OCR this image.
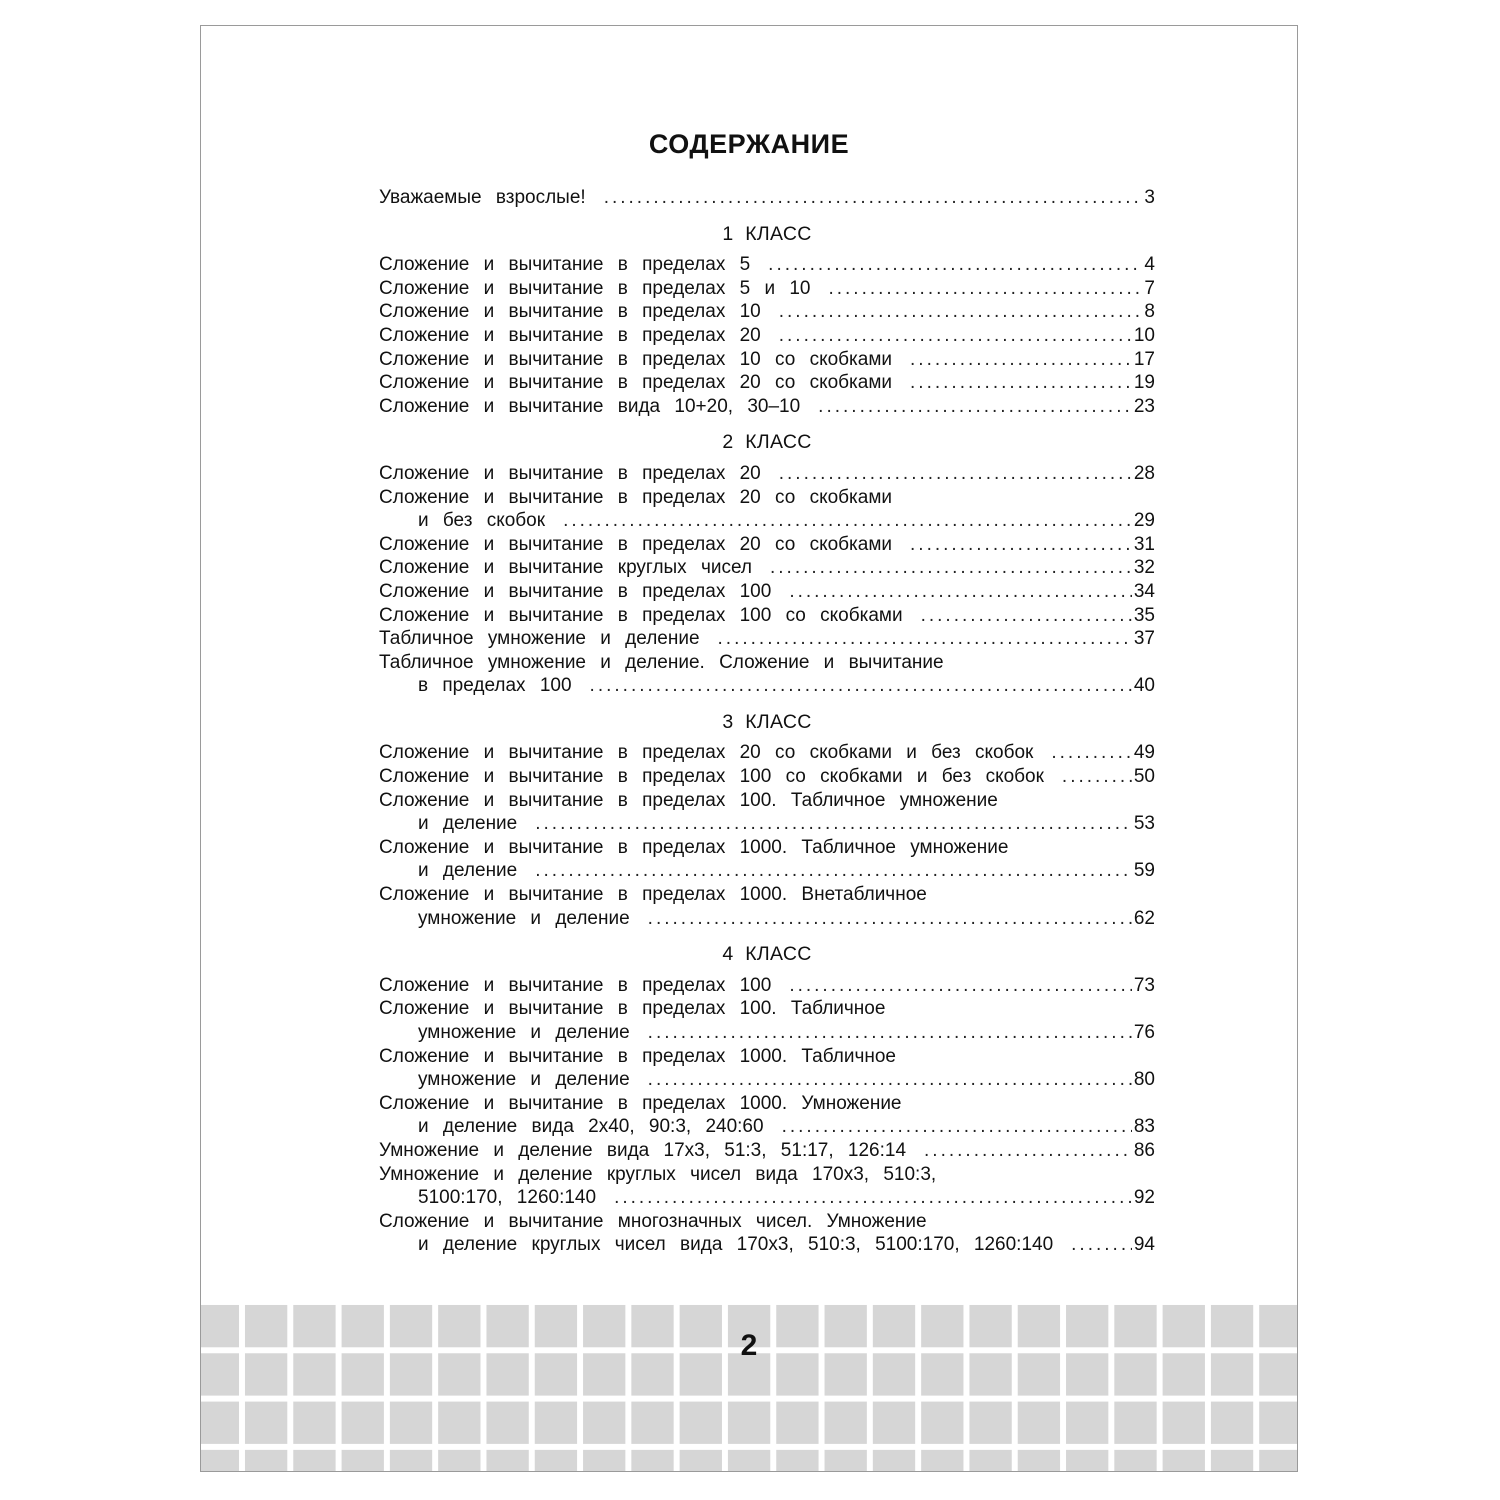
СОДЕРЖАНИЕ
Уважаемые взрослые! .....	3
1 КЛАСС
Сложение и вычитание в пределах 5 .....	4
Сложение и вычитание в пределах 5 и 10 .....	7
Сложение и вычитание в пределах 10 .....	8
Сложение и вычитание в пределах 20 .....	10
Сложение и вычитание в пределах 10 со скобками .....	17
Сложение и вычитание в пределах 20 со скобками .....	19
Сложение и вычитание вида 10+20, 30–10 .....	23
2 КЛАСС
Сложение и вычитание в пределах 20 .....	28
Сложение и вычитание в пределах 20 со скобками
и без скобок .....	29
Сложение и вычитание в пределах 20 со скобками .....	31
Сложение и вычитание круглых чисел .....	32
Сложение и вычитание в пределах 100 .....	34
Сложение и вычитание в пределах 100 со скобками .....	35
Табличное умножение и деление .....	37
Табличное умножение и деление. Сложение и вычитание
в пределах 100 .....	40
3 КЛАСС
Сложение и вычитание в пределах 20 со скобками и без скобок .....	49
Сложение и вычитание в пределах 100 со скобками и без скобок .....	50
Сложение и вычитание в пределах 100. Табличное умножение
и деление .....	53
Сложение и вычитание в пределах 1000. Табличное умножение
и деление .....	59
Сложение и вычитание в пределах 1000. Внетабличное
умножение и деление .....	62
4 КЛАСС
Сложение и вычитание в пределах 100 .....	73
Сложение и вычитание в пределах 100. Табличное
умножение и деление .....	76
Сложение и вычитание в пределах 1000. Табличное
умножение и деление .....	80
Сложение и вычитание в пределах 1000. Умножение
и деление вида 2х40, 90:3, 240:60 .....	83
Умножение и деление вида 17х3, 51:3, 51:17, 126:14 .....	86
Умножение и деление круглых чисел вида 170х3, 510:3,
5100:170, 1260:140 .....	92
Сложение и вычитание многозначных чисел. Умножение
и деление круглых чисел вида 170х3, 510:3, 5100:170, 1260:140 .....	94
2
